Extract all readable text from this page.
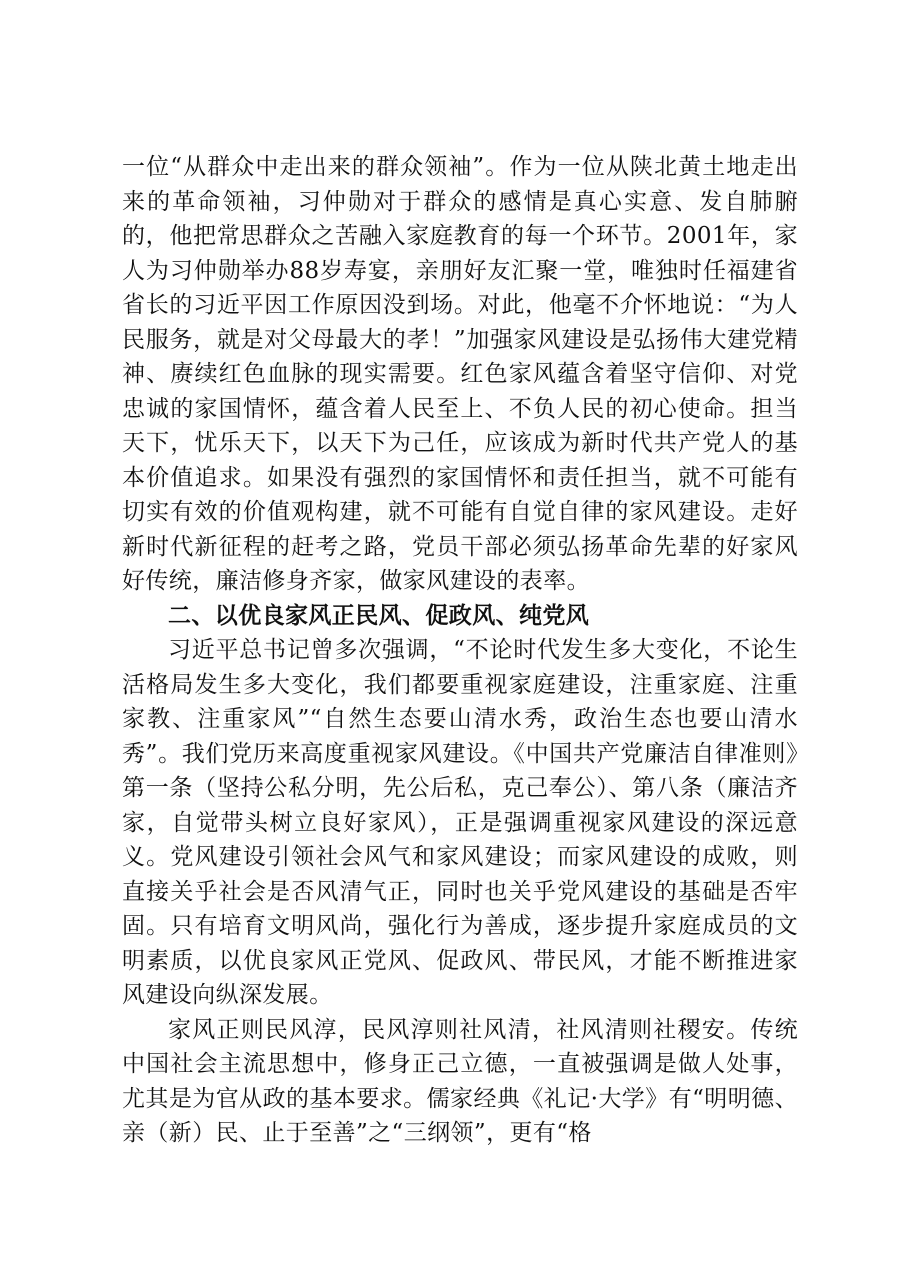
一位“从群众中走出来的群众领袖”。作为一位从陕北黄土地走出来的革命领袖，习仲勋对于群众的感情是真心实意、发自肺腑的，他把常思群众之苦融入家庭教育的每一个环节。2001年，家人为习仲勋举办88岁寿宴，亲朋好友汇聚一堂，唯独时任福建省省长的习近平因工作原因没到场。对此，他毫不介怀地说：“为人民服务，就是对父母最大的孝！”加强家风建设是弘扬伟大建党精神、赓续红色血脉的现实需要。红色家风蕴含着坚守信仰、对党忠诚的家国情怀，蕴含着人民至上、不负人民的初心使命。担当天下，忧乐天下，以天下为己任，应该成为新时代共产党人的基本价值追求。如果没有强烈的家国情怀和责任担当，就不可能有切实有效的价值观构建，就不可能有自觉自律的家风建设。走好新时代新征程的赶考之路，党员干部必须弘扬革命先辈的好家风好传统，廉洁修身齐家，做家风建设的表率。

二、以优良家风正民风、促政风、纯党风

习近平总书记曾多次强调，“不论时代发生多大变化，不论生活格局发生多大变化，我们都要重视家庭建设，注重家庭、注重家教、注重家风”“自然生态要山清水秀，政治生态也要山清水秀”。我们党历来高度重视家风建设。《中国共产党廉洁自律准则》第一条（坚持公私分明，先公后私，克己奉公）、第八条（廉洁齐家，自觉带头树立良好家风），正是强调重视家风建设的深远意义。党风建设引领社会风气和家风建设；而家风建设的成败，则直接关乎社会是否风清气正，同时也关乎党风建设的基础是否牢固。只有培育文明风尚，强化行为善成，逐步提升家庭成员的文明素质，以优良家风正党风、促政风、带民风，才能不断推进家风建设向纵深发展。

家风正则民风淳，民风淳则社风清，社风清则社稷安。传统中国社会主流思想中，修身正己立德，一直被强调是做人处事，尤其是为官从政的基本要求。儒家经典《礼记·大学》有“明明德、亲（新）民、止于至善”之“三纲领”，更有“格
